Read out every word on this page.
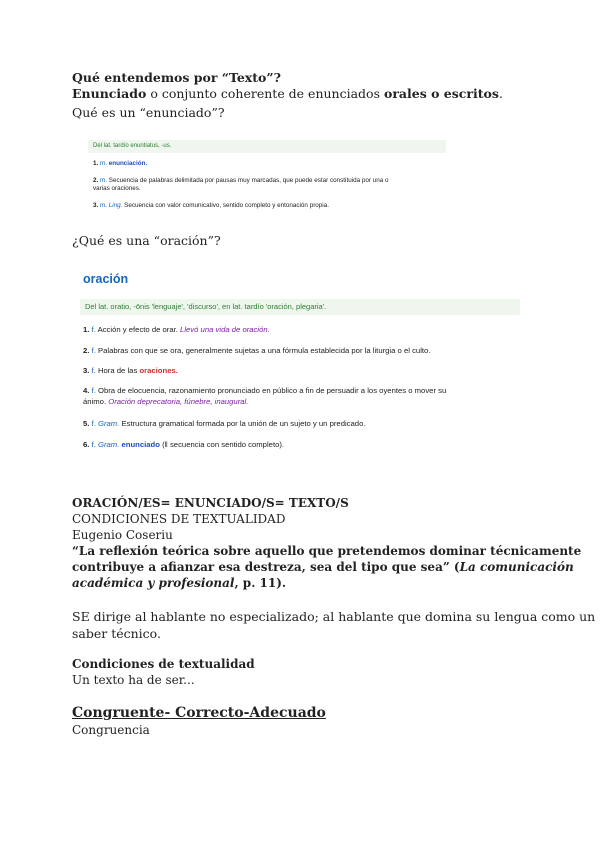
Qué entendemos por “Texto”?
Enunciado o conjunto coherente de enunciados orales o escritos.
Qué es un “enunciado”?
Del lat. tardío enuntiatus, -us.
1. m. enunciación.
2. m. Secuencia de palabras delimitada por pausas muy marcadas, que puede estar constituida por una o
varias oraciones.
3. m. Ling. Secuencia con valor comunicativo, sentido completo y entonación propia.
¿Qué es una “oración”?
oración
Del lat. oratio, -ōnis 'lenguaje', 'discurso', en lat. tardío 'oración, plegaria'.
1. f. Acción y efecto de orar. Llevó una vida de oración.
2. f. Palabras con que se ora, generalmente sujetas a una fórmula establecida por la liturgia o el culto.
3. f. Hora de las oraciones.
4. f. Obra de elocuencia, razonamiento pronunciado en público a fin de persuadir a los oyentes o mover su
ánimo. Oración deprecatoria, fúnebre, inaugural.
5. f. Gram. Estructura gramatical formada por la unión de un sujeto y un predicado.
6. f. Gram. enunciado (‖ secuencia con sentido completo).
ORACIÓN/ES= ENUNCIADO/S= TEXTO/S
CONDICIONES DE TEXTUALIDAD
Eugenio Coseriu
“La reflexión teórica sobre aquello que pretendemos dominar técnicamente
contribuye a afianzar esa destreza, sea del tipo que sea” (La comunicación
académica y profesional, p. 11).
SE dirige al hablante no especializado; al hablante que domina su lengua como un
saber técnico.
Condiciones de textualidad
Un texto ha de ser...
Congruente- Correcto-Adecuado
Congruencia
